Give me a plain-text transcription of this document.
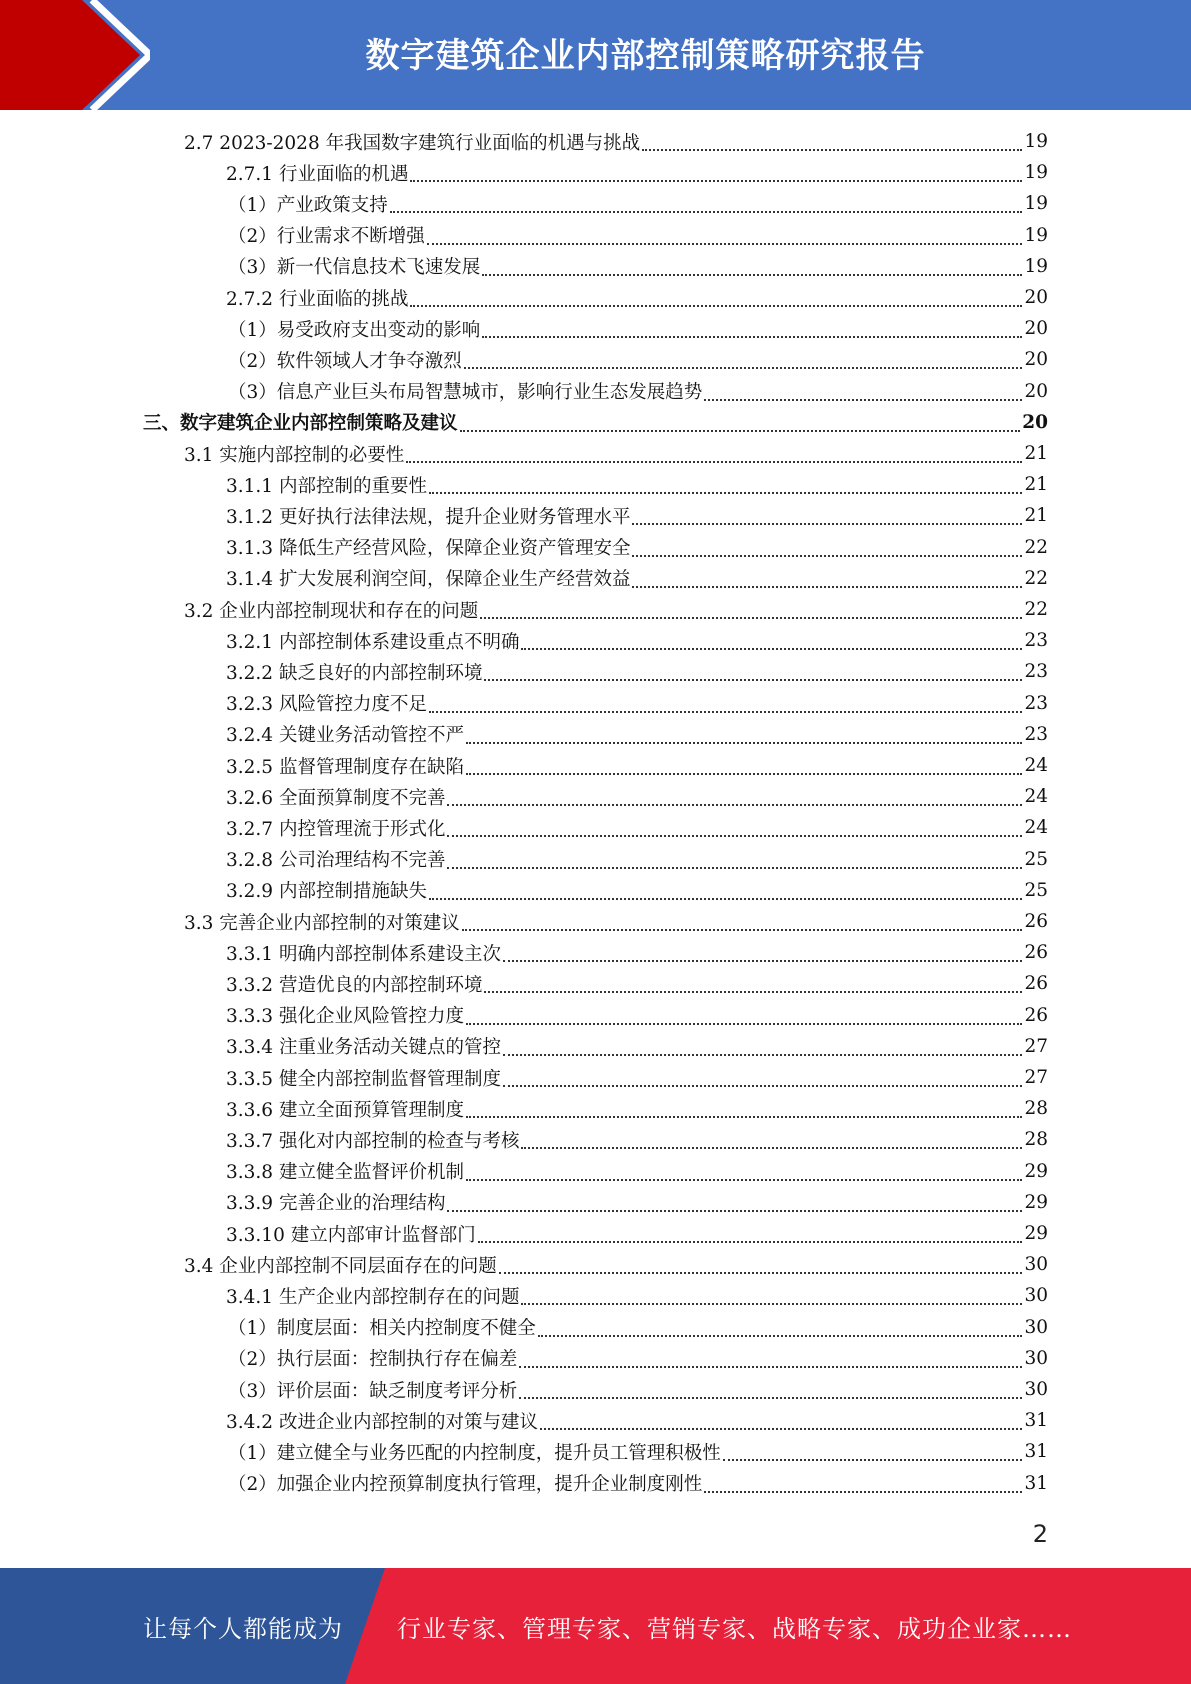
数字建筑企业内部控制策略研究报告
2.7 2023-2028 年我国数字建筑行业面临的机遇与挑战	19
2.7.1 行业面临的机遇	19
（1）产业政策支持	19
（2）行业需求不断增强	19
（3）新一代信息技术飞速发展	19
2.7.2 行业面临的挑战	20
（1）易受政府支出变动的影响	20
（2）软件领域人才争夺激烈	20
（3）信息产业巨头布局智慧城市，影响行业生态发展趋势	20
三、数字建筑企业内部控制策略及建议	20
3.1 实施内部控制的必要性	21
3.1.1 内部控制的重要性	21
3.1.2 更好执行法律法规，提升企业财务管理水平	21
3.1.3 降低生产经营风险，保障企业资产管理安全	22
3.1.4 扩大发展利润空间，保障企业生产经营效益	22
3.2 企业内部控制现状和存在的问题	22
3.2.1 内部控制体系建设重点不明确	23
3.2.2 缺乏良好的内部控制环境	23
3.2.3 风险管控力度不足	23
3.2.4 关键业务活动管控不严	23
3.2.5 监督管理制度存在缺陷	24
3.2.6 全面预算制度不完善	24
3.2.7 内控管理流于形式化	24
3.2.8 公司治理结构不完善	25
3.2.9 内部控制措施缺失	25
3.3 完善企业内部控制的对策建议	26
3.3.1 明确内部控制体系建设主次	26
3.3.2 营造优良的内部控制环境	26
3.3.3 强化企业风险管控力度	26
3.3.4 注重业务活动关键点的管控	27
3.3.5 健全内部控制监督管理制度	27
3.3.6 建立全面预算管理制度	28
3.3.7 强化对内部控制的检查与考核	28
3.3.8 建立健全监督评价机制	29
3.3.9 完善企业的治理结构	29
3.3.10 建立内部审计监督部门	29
3.4 企业内部控制不同层面存在的问题	30
3.4.1 生产企业内部控制存在的问题	30
（1）制度层面：相关内控制度不健全	30
（2）执行层面：控制执行存在偏差	30
（3）评价层面：缺乏制度考评分析	30
3.4.2 改进企业内部控制的对策与建议	31
（1）建立健全与业务匹配的内控制度，提升员工管理积极性	31
（2）加强企业内控预算制度执行管理，提升企业制度刚性	31
2
让每个人都能成为 行业专家、管理专家、营销专家、战略专家、成功企业家……
